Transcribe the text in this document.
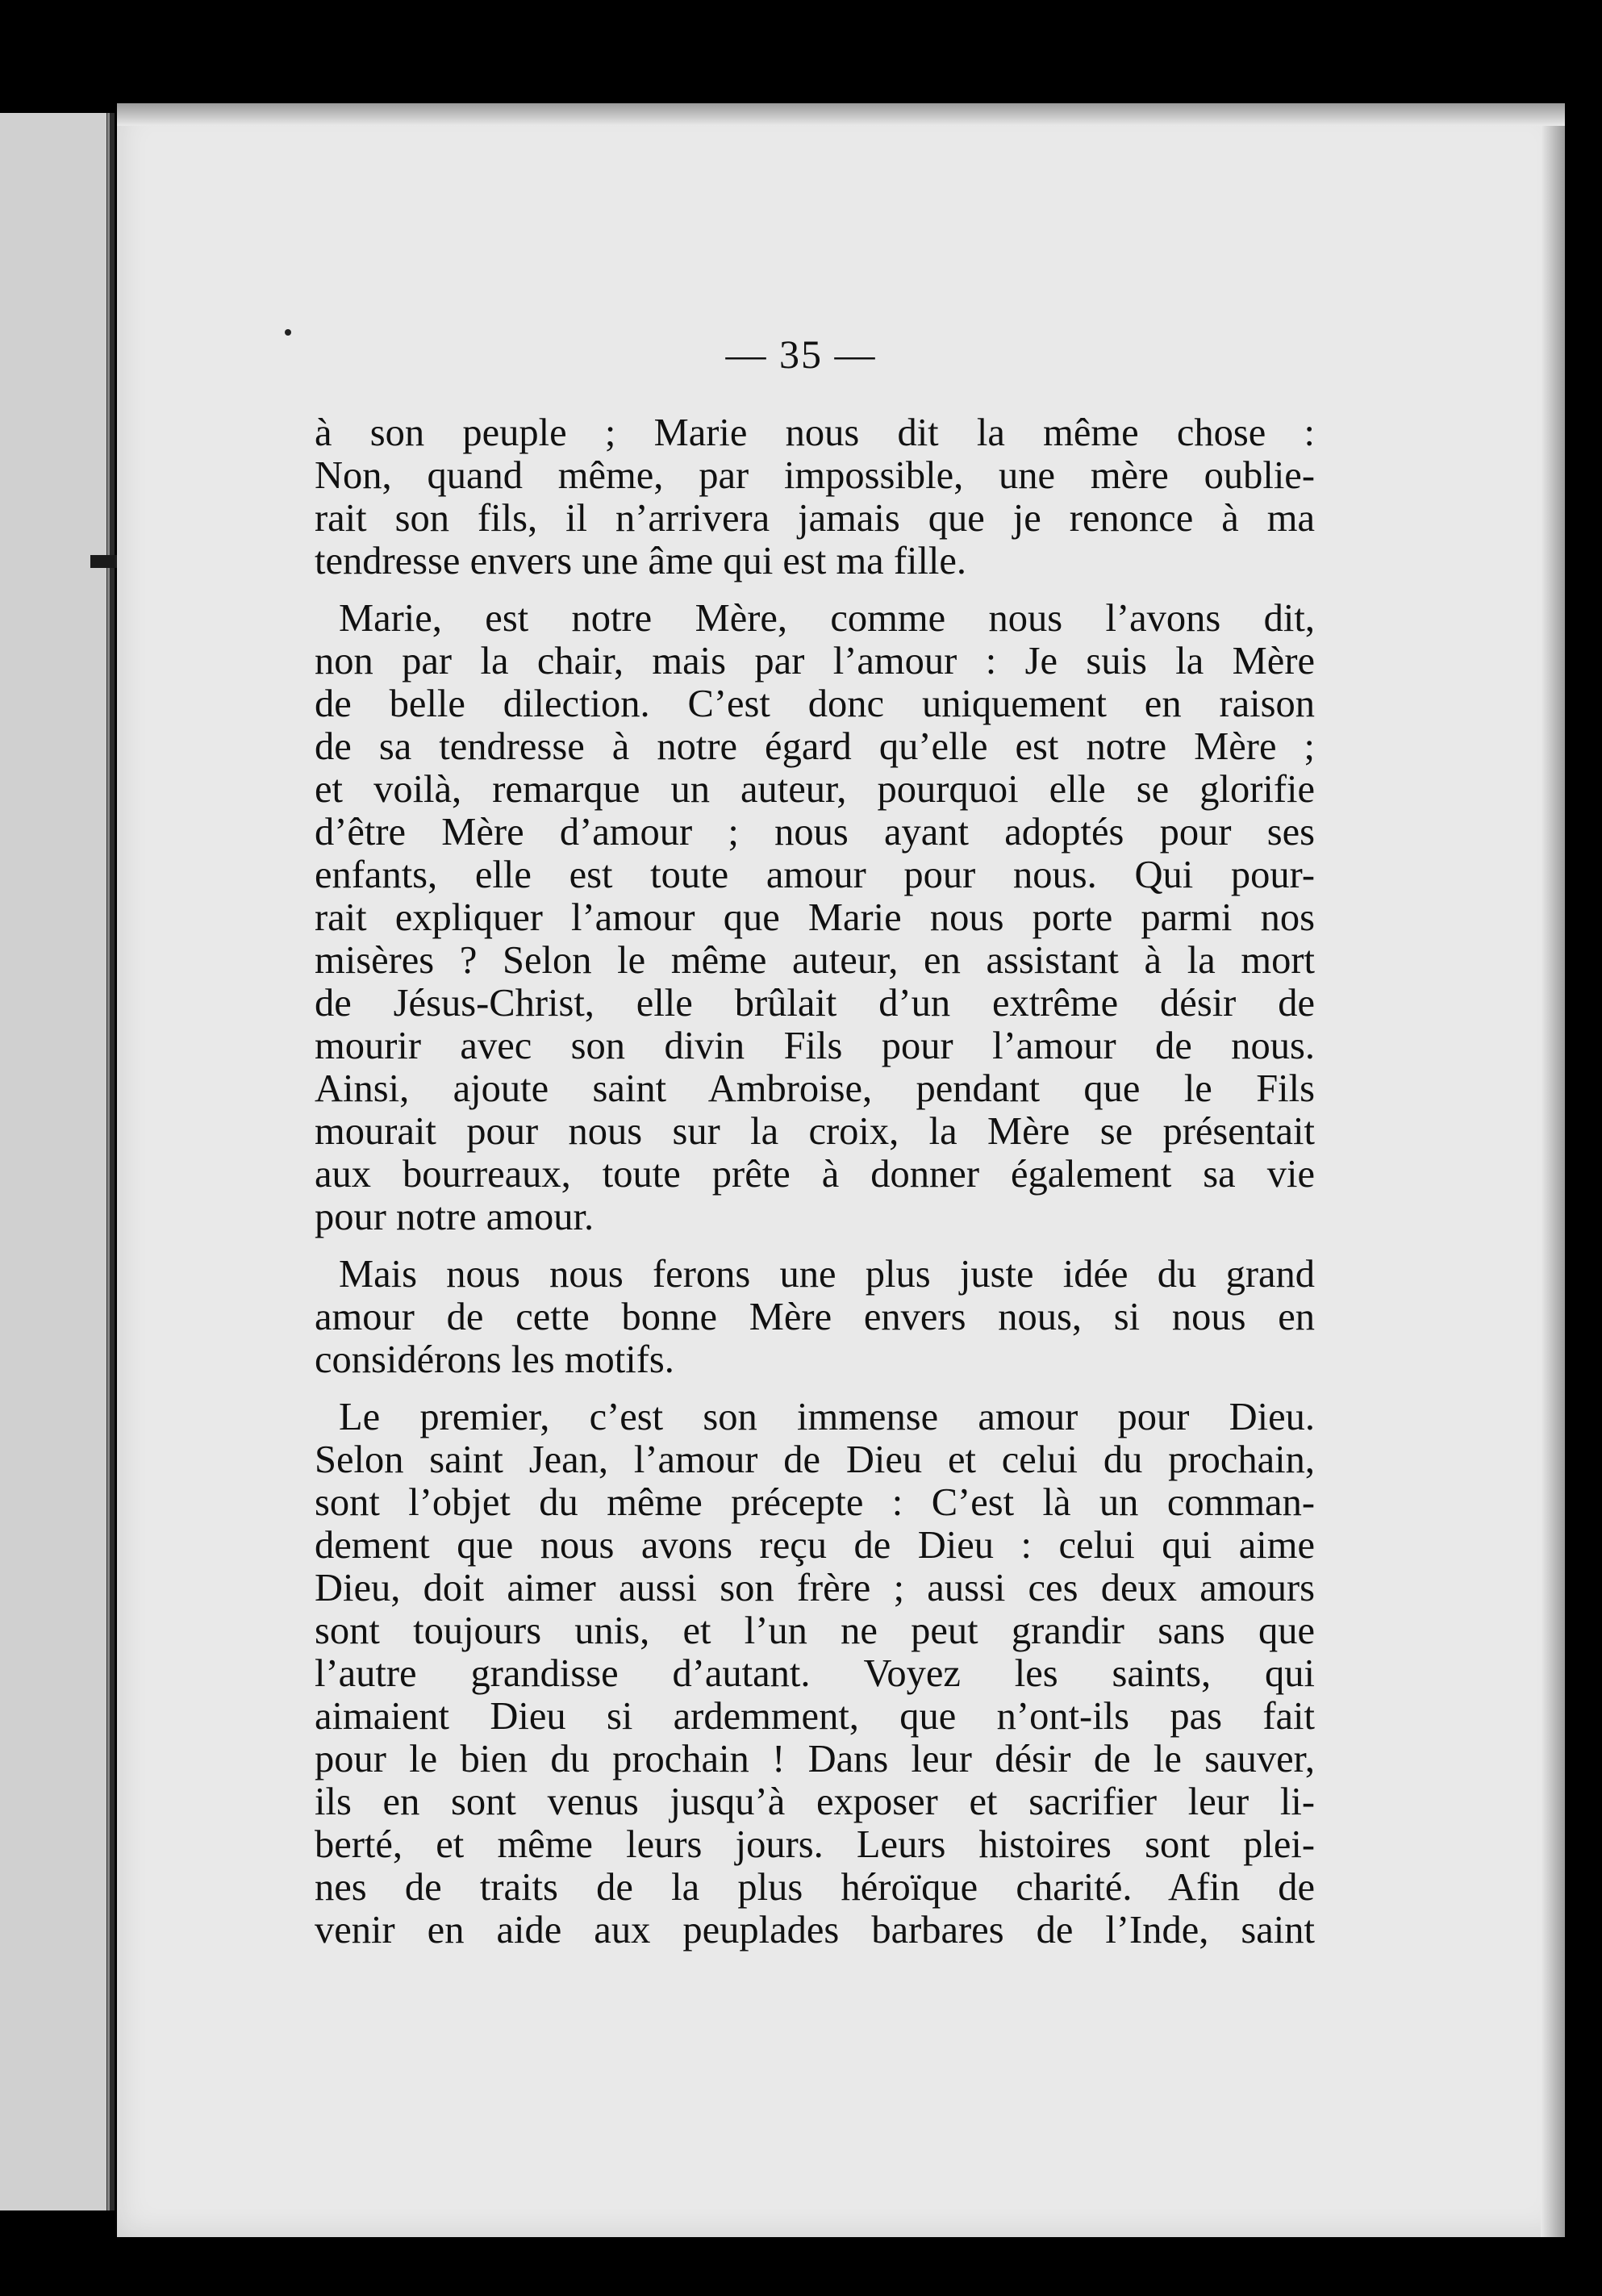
— 35 —

à son peuple ; Marie nous dit la même chose :
Non, quand même, par impossible, une mère oublie-
rait son fils, il n’arrivera jamais que je renonce à ma
tendresse envers une âme qui est ma fille.

Marie, est notre Mère, comme nous l’avons dit,
non par la chair, mais par l’amour : Je suis la Mère
de belle dilection. C’est donc uniquement en raison
de sa tendresse à notre égard qu’elle est notre Mère ;
et voilà, remarque un auteur, pourquoi elle se glorifie
d’être Mère d’amour ; nous ayant adoptés pour ses
enfants, elle est toute amour pour nous. Qui pour-
rait expliquer l’amour que Marie nous porte parmi nos
misères ? Selon le même auteur, en assistant à la mort
de Jésus-Christ, elle brûlait d’un extrême désir de
mourir avec son divin Fils pour l’amour de nous.
Ainsi, ajoute saint Ambroise, pendant que le Fils
mourait pour nous sur la croix, la Mère se présentait
aux bourreaux, toute prête à donner également sa vie
pour notre amour.

Mais nous nous ferons une plus juste idée du grand
amour de cette bonne Mère envers nous, si nous en
considérons les motifs.

Le premier, c’est son immense amour pour Dieu.
Selon saint Jean, l’amour de Dieu et celui du prochain,
sont l’objet du même précepte : C’est là un comman-
dement que nous avons reçu de Dieu : celui qui aime
Dieu, doit aimer aussi son frère ; aussi ces deux amours
sont toujours unis, et l’un ne peut grandir sans que
l’autre grandisse d’autant. Voyez les saints, qui
aimaient Dieu si ardemment, que n’ont-ils pas fait
pour le bien du prochain ! Dans leur désir de le sauver,
ils en sont venus jusqu’à exposer et sacrifier leur li-
berté, et même leurs jours. Leurs histoires sont plei-
nes de traits de la plus héroïque charité. Afin de
venir en aide aux peuplades barbares de l’Inde, saint
